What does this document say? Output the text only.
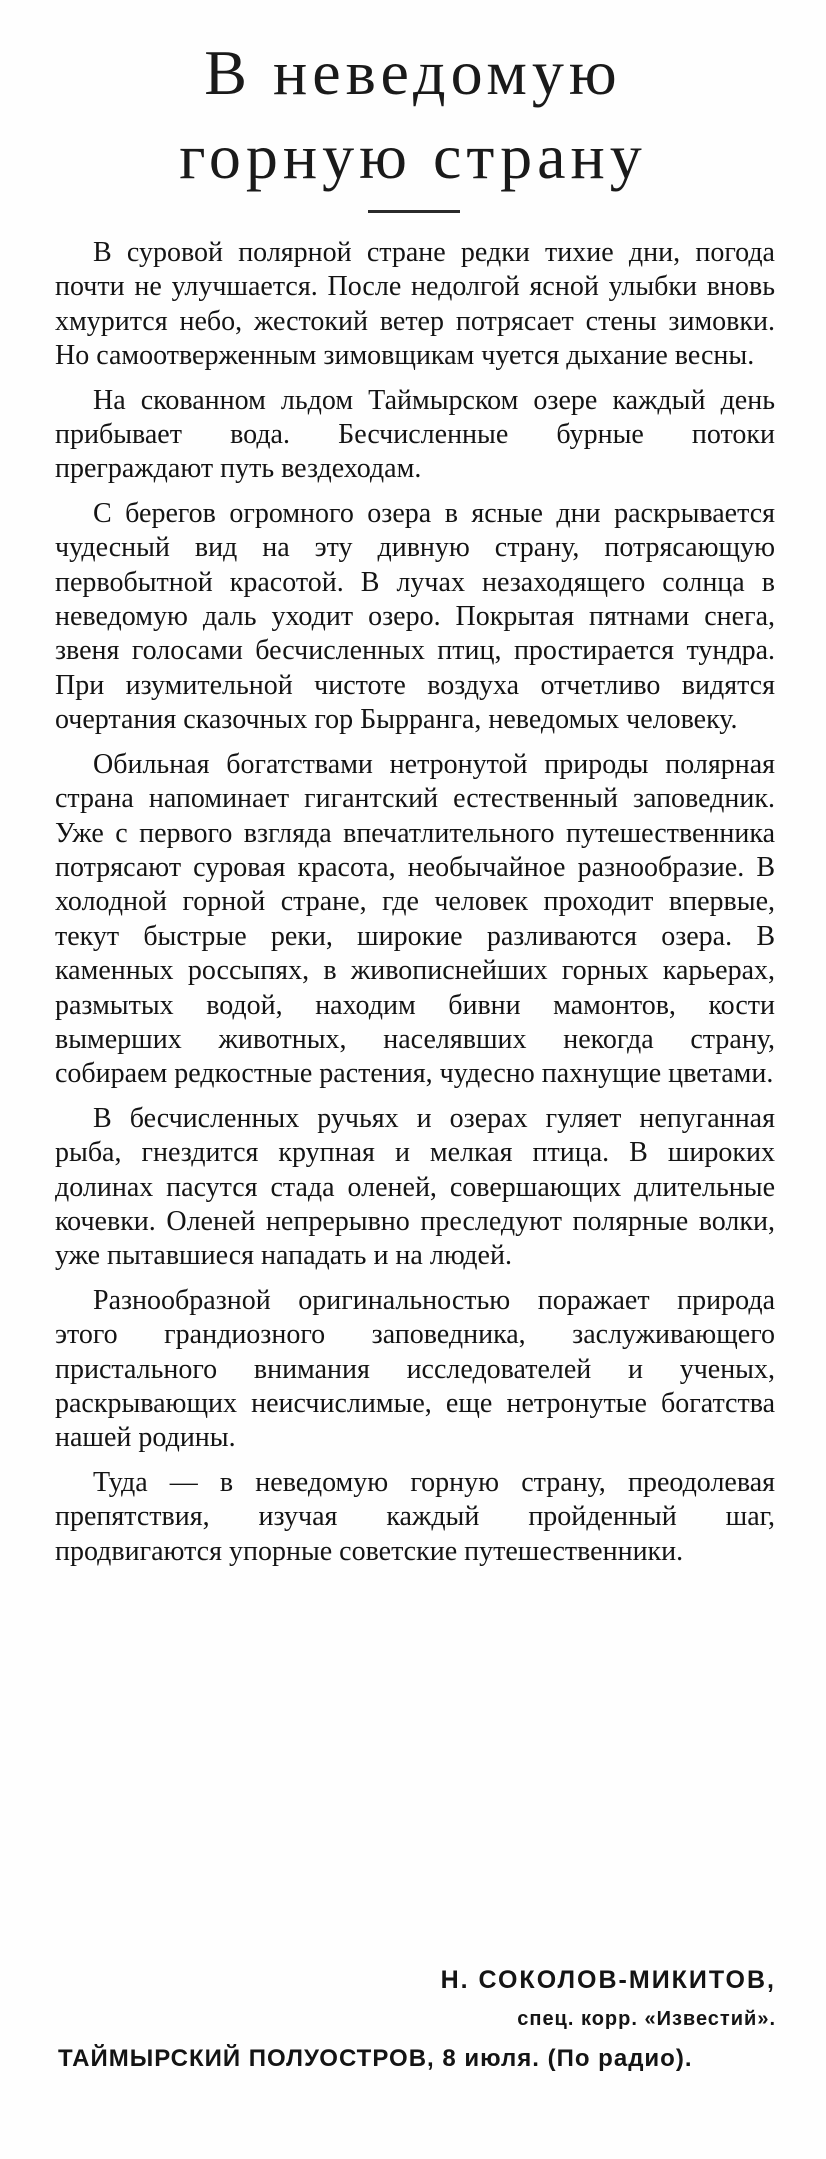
В неведомую
горную страну

В суровой полярной стране редки тихие дни, погода почти не улучшается. После недолгой ясной улыбки вновь хмурится небо, жестокий ветер потрясает стены зимовки. Но самоотверженным зимовщикам чуется дыхание весны.

На скованном льдом Таймырском озере каждый день прибывает вода. Бесчисленные бурные потоки преграждают путь вездеходам.

С берегов огромного озера в ясные дни раскрывается чудесный вид на эту дивную страну, потрясающую первобытной красотой. В лучах незаходящего солнца в неведомую даль уходит озеро. Покрытая пятнами снега, звеня голосами бесчисленных птиц, простирается тундра. При изумительной чистоте воздуха отчетливо видятся очертания сказочных гор Бырранга, неведомых человеку.

Обильная богатствами нетронутой природы полярная страна напоминает гигантский естественный заповедник. Уже с первого взгляда впечатлительного путешественника потрясают суровая красота, необычайное разнообразие. В холодной горной стране, где человек проходит впервые, текут быстрые реки, широкие разливаются озера. В каменных россыпях, в живописнейших горных карьерах, размытых водой, находим бивни мамонтов, кости вымерших животных, населявших некогда страну, собираем редкостные растения, чудесно пахнущие цветами.

В бесчисленных ручьях и озерах гуляет непуганная рыба, гнездится крупная и мелкая птица. В широких долинах пасутся стада оленей, совершающих длительные кочевки. Оленей непрерывно преследуют полярные волки, уже пытавшиеся нападать и на людей.

Разнообразной оригинальностью поражает природа этого грандиозного заповедника, заслуживающего пристального внимания исследователей и ученых, раскрывающих неисчислимые, еще нетронутые богатства нашей родины.

Туда — в неведомую горную страну, преодолевая препятствия, изучая каждый пройденный шаг, продвигаются упорные советские путешественники.

Н. СОКОЛОВ-МИКИТОВ,
спец. корр. «Известий».
ТАЙМЫРСКИЙ ПОЛУОСТРОВ, 8 июля. (По радио).
